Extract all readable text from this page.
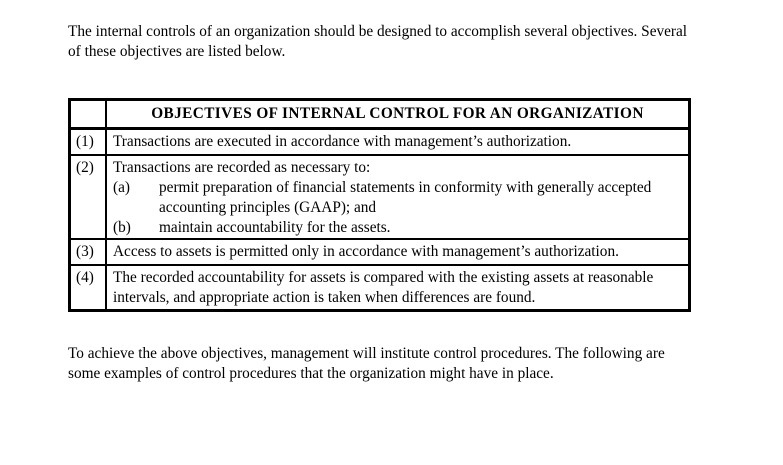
The internal controls of an organization should be designed to accomplish several objectives. Several of these objectives are listed below.
	OBJECTIVES OF INTERNAL CONTROL FOR AN ORGANIZATION
(1)	Transactions are executed in accordance with management’s authorization.
(2)	Transactions are recorded as necessary to:
(a) permit preparation of financial statements in conformity with generally accepted accounting principles (GAAP); and
(b) maintain accountability for the assets.

(3)	Access to assets is permitted only in accordance with management’s authorization.
(4)	The recorded accountability for assets is compared with the existing assets at reasonable intervals, and appropriate action is taken when differences are found.
To achieve the above objectives, management will institute control procedures. The following are some examples of control procedures that the organization might have in place.
